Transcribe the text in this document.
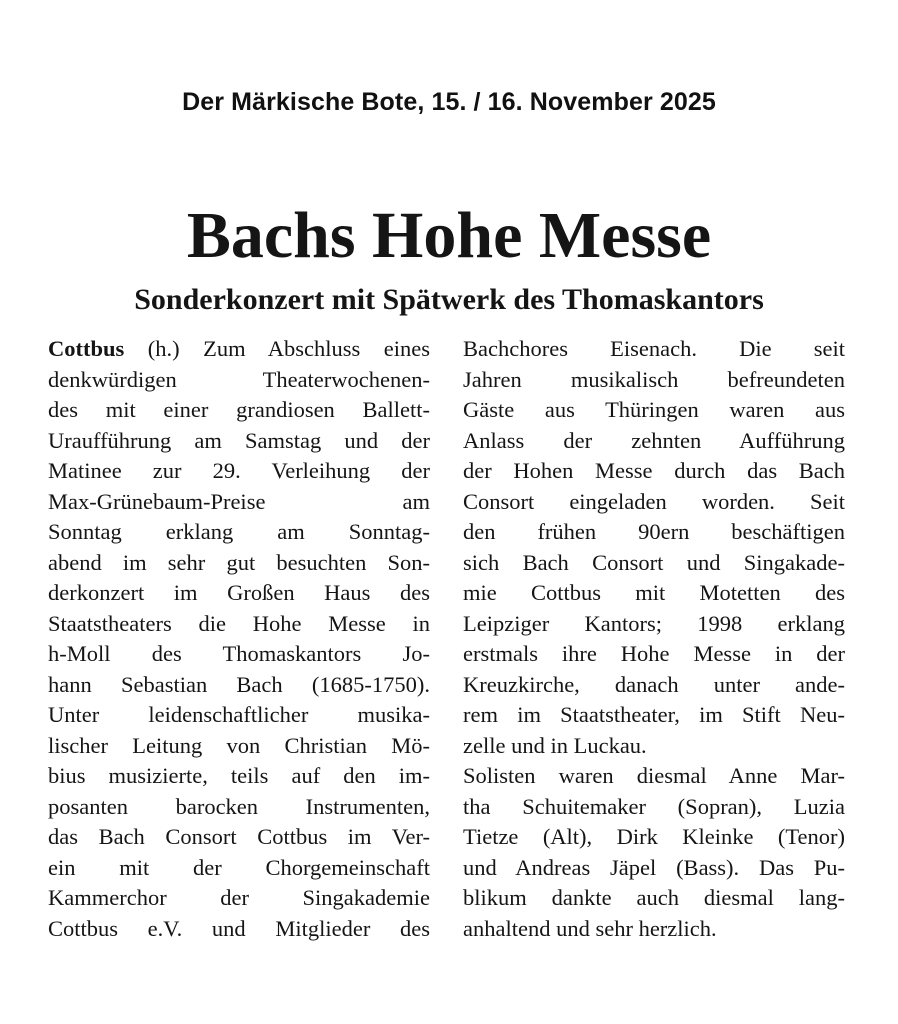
Der Märkische Bote, 15. / 16. November 2025
Bachs Hohe Messe
Sonderkonzert mit Spätwerk des Thomaskantors
Cottbus (h.) Zum Abschluss eines
denkwürdigen Theaterwochenen-
des mit einer grandiosen Ballett-
Uraufführung am Samstag und der
Matinee zur 29. Verleihung der
Max-Grünebaum-Preise am
Sonntag erklang am Sonntag-
abend im sehr gut besuchten Son-
derkonzert im Großen Haus des
Staatstheaters die Hohe Messe in
h-Moll des Thomaskantors Jo-
hann Sebastian Bach (1685-1750).
Unter leidenschaftlicher musika-
lischer Leitung von Christian Mö-
bius musizierte, teils auf den im-
posanten barocken Instrumenten,
das Bach Consort Cottbus im Ver-
ein mit der Chorgemeinschaft
Kammerchor der Singakademie
Cottbus e.V. und Mitglieder des
Bachchores Eisenach. Die seit
Jahren musikalisch befreundeten
Gäste aus Thüringen waren aus
Anlass der zehnten Aufführung
der Hohen Messe durch das Bach
Consort eingeladen worden. Seit
den frühen 90ern beschäftigen
sich Bach Consort und Singakade-
mie Cottbus mit Motetten des
Leipziger Kantors; 1998 erklang
erstmals ihre Hohe Messe in der
Kreuzkirche, danach unter ande-
rem im Staatstheater, im Stift Neu-
zelle und in Luckau.
Solisten waren diesmal Anne Mar-
tha Schuitemaker (Sopran), Luzia
Tietze (Alt), Dirk Kleinke (Tenor)
und Andreas Jäpel (Bass). Das Pu-
blikum dankte auch diesmal lang-
anhaltend und sehr herzlich.
